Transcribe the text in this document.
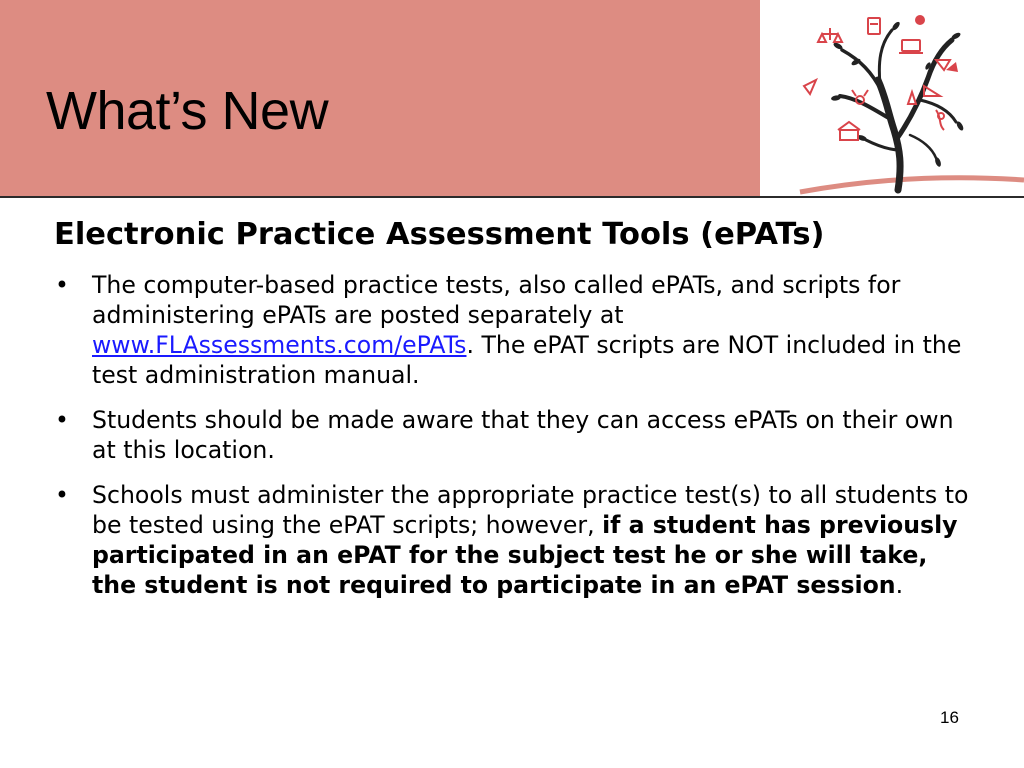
What’s New
Electronic Practice Assessment Tools (ePATs)
• The computer-based practice tests, also called ePATs, and scripts for administering ePATs are posted separately at www.FLAssessments.com/ePATs. The ePAT scripts are NOT included in the test administration manual.
• Students should be made aware that they can access ePATs on their own at this location.
• Schools must administer the appropriate practice test(s) to all students to be tested using the ePAT scripts; however, if a student has previously participated in an ePAT for the subject test he or she will take, the student is not required to participate in an ePAT session.
16
